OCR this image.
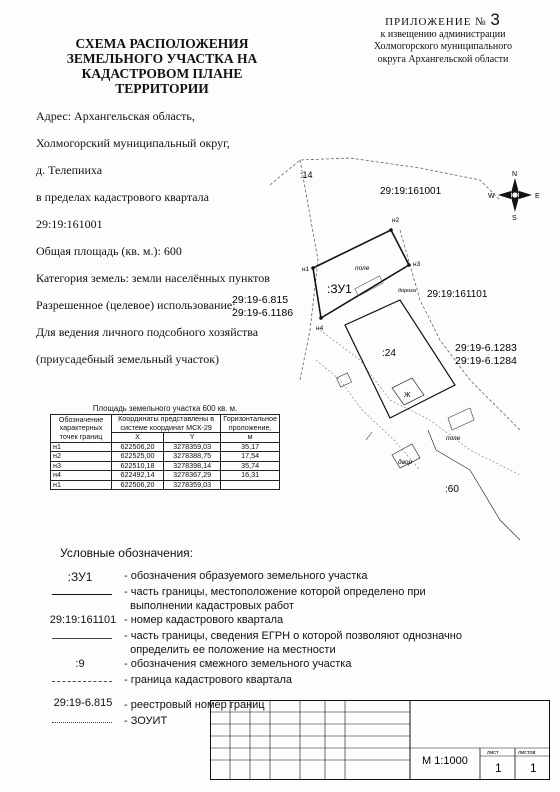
ПРИЛОЖЕНИЕ № 3
к извещению администрации
Холмогорского муниципального
округа Архангельской области
СХЕМА РАСПОЛОЖЕНИЯ
ЗЕМЕЛЬНОГО УЧАСТКА НА
КАДАСТРОВОМ ПЛАНЕ
ТЕРРИТОРИИ

Адрес: Архангельская область,

Холмогорский муниципальный округ,

д. Телепниха

в пределах кадастрового квартала

29:19:161001

Общая площадь (кв. м.): 600

Категория земель: земли населённых пунктов

Разрешенное (целевое) использование:

Для ведения личного подсобного хозяйства

(приусадебный земельный участок)

:14
29:19:161001
29:19:161101
:ЗУ1
поле
дорога
н1
н2
н3
н4
29:19-6.815
29:19-6.1186
29:19-6.1283
29:19-6.1284
:24
:60
поле
двор
Ж
N
S
W	E
Площадь земельного участка 600 кв. м.
Обозначение характерных точек границ	Координаты представлены в системе координат МСК-29		Горизонтальное проложение,
	X	Y	м
н1	622506,20	3278359,03	35,17
н2	622525,00	3278388,75	17,54
н3	622510,18	3278398,14	35,74
н4	622492,14	3278367,29	16,31
н1	622506,20	3278359,03	
Условные обозначения:
:ЗУ1	- обозначения образуемого земельного участка
- часть границы, местоположение которой определено при
выполнении кадастровых работ
29:19:161101 - номер кадастрового квартала
- часть границы, сведения ЕГРН о которой позволяют однозначно
определить ее положение на местности
:9	- обозначения смежного земельного участка
- граница кадастрового квартала
29:19-6.815	- реестровый номер границ
- ЗОУИТ
М 1:1000
лист	листов
1 1
